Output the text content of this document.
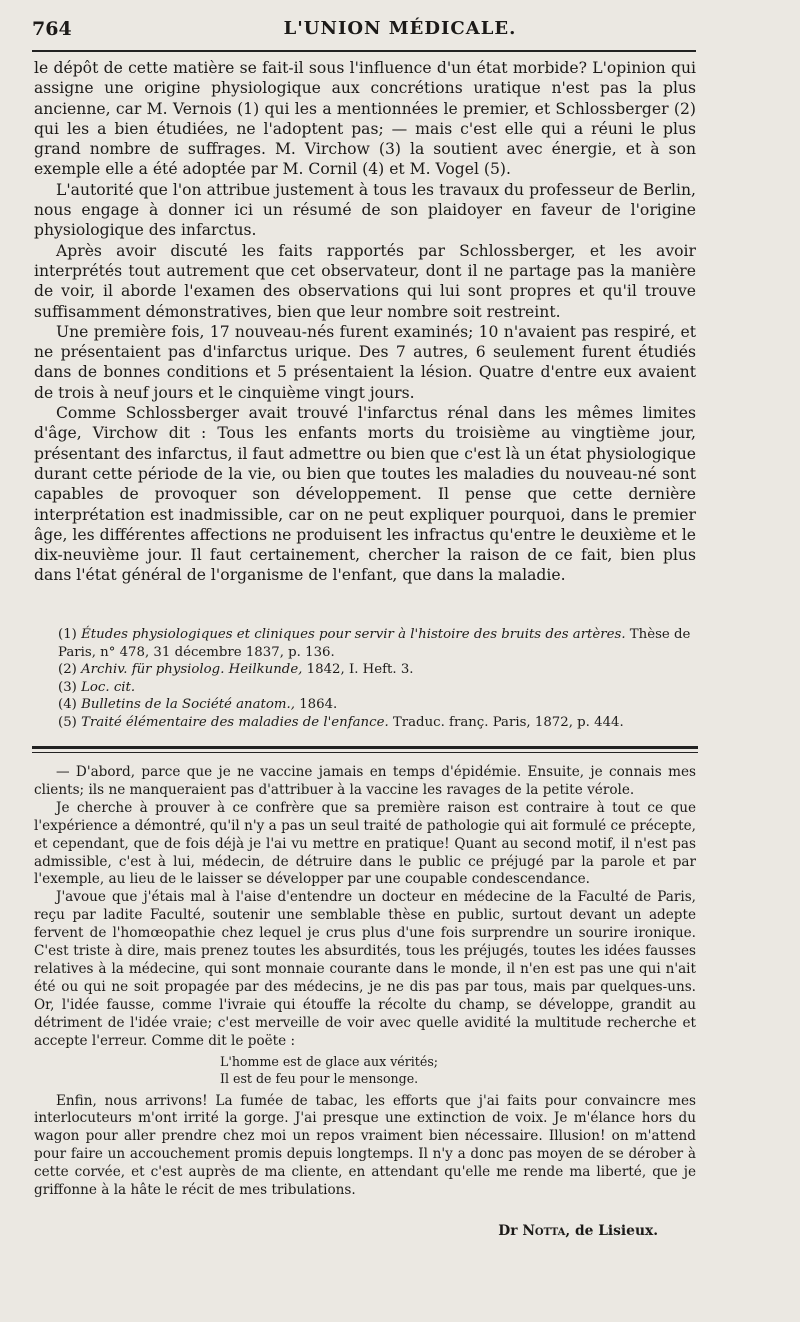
764	L'UNION MÉDICALE.

le dépôt de cette matière se fait-il sous l'influence d'un état morbide? L'opinion qui assigne une origine physiologique aux concrétions uratique n'est pas la plus ancienne, car M. Vernois (1) qui les a mentionnées le premier, et Schlossberger (2) qui les a bien étudiées, ne l'adoptent pas; — mais c'est elle qui a réuni le plus grand nombre de suffrages. M. Virchow (3) la soutient avec énergie, et à son exemple elle a été adoptée par M. Cornil (4) et M. Vogel (5).

L'autorité que l'on attribue justement à tous les travaux du professeur de Berlin, nous engage à donner ici un résumé de son plaidoyer en faveur de l'origine physiologique des infarctus.

Après avoir discuté les faits rapportés par Schlossberger, et les avoir interprétés tout autrement que cet observateur, dont il ne partage pas la manière de voir, il aborde l'examen des observations qui lui sont propres et qu'il trouve suffisamment démonstratives, bien que leur nombre soit restreint.

Une première fois, 17 nouveau-nés furent examinés; 10 n'avaient pas respiré, et ne présentaient pas d'infarctus urique. Des 7 autres, 6 seulement furent étudiés dans de bonnes conditions et 5 présentaient la lésion. Quatre d'entre eux avaient de trois à neuf jours et le cinquième vingt jours.

Comme Schlossberger avait trouvé l'infarctus rénal dans les mêmes limites d'âge, Virchow dit : Tous les enfants morts du troisième au vingtième jour, présentant des infarctus, il faut admettre ou bien que c'est là un état physiologique durant cette période de la vie, ou bien que toutes les maladies du nouveau-né sont capables de provoquer son développement. Il pense que cette dernière interprétation est inadmissible, car on ne peut expliquer pourquoi, dans le premier âge, les différentes affections ne produisent les infractus qu'entre le deuxième et le dix-neuvième jour. Il faut certainement, chercher la raison de ce fait, bien plus dans l'état général de l'organisme de l'enfant, que dans la maladie.

(1) Études physiologiques et cliniques pour servir à l'histoire des bruits des artères. Thèse de Paris, n° 478, 31 décembre 1837, p. 136.

(2) Archiv. für physiolog. Heilkunde, 1842, I. Heft. 3.

(3) Loc. cit.

(4) Bulletins de la Société anatom., 1864.

(5) Traité élémentaire des maladies de l'enfance. Traduc. franç. Paris, 1872, p. 444.

— D'abord, parce que je ne vaccine jamais en temps d'épidémie. Ensuite, je connais mes clients; ils ne manqueraient pas d'attribuer à la vaccine les ravages de la petite vérole.

Je cherche à prouver à ce confrère que sa première raison est contraire à tout ce que l'expérience a démontré, qu'il n'y a pas un seul traité de pathologie qui ait formulé ce précepte, et cependant, que de fois déjà je l'ai vu mettre en pratique! Quant au second motif, il n'est pas admissible, c'est à lui, médecin, de détruire dans le public ce préjugé par la parole et par l'exemple, au lieu de le laisser se développer par une coupable condescendance.

J'avoue que j'étais mal à l'aise d'entendre un docteur en médecine de la Faculté de Paris, reçu par ladite Faculté, soutenir une semblable thèse en public, surtout devant un adepte fervent de l'homœopathie chez lequel je crus plus d'une fois surprendre un sourire ironique. C'est triste à dire, mais prenez toutes les absurdités, tous les préjugés, toutes les idées fausses relatives à la médecine, qui sont monnaie courante dans le monde, il n'en est pas une qui n'ait été ou qui ne soit propagée par des médecins, je ne dis pas par tous, mais par quelques-uns. Or, l'idée fausse, comme l'ivraie qui étouffe la récolte du champ, se développe, grandit au détriment de l'idée vraie; c'est merveille de voir avec quelle avidité la multitude recherche et accepte l'erreur. Comme dit le poëte :

L'homme est de glace aux vérités;

Il est de feu pour le mensonge.

Enfin, nous arrivons! La fumée de tabac, les efforts que j'ai faits pour convaincre mes interlocuteurs m'ont irrité la gorge. J'ai presque une extinction de voix. Je m'élance hors du wagon pour aller prendre chez moi un repos vraiment bien nécessaire. Illusion! on m'attend pour faire un accouchement promis depuis longtemps. Il n'y a donc pas moyen de se dérober à cette corvée, et c'est auprès de ma cliente, en attendant qu'elle me rende ma liberté, que je griffonne à la hâte le récit de mes tribulations.

Dr Notta, de Lisieux.
